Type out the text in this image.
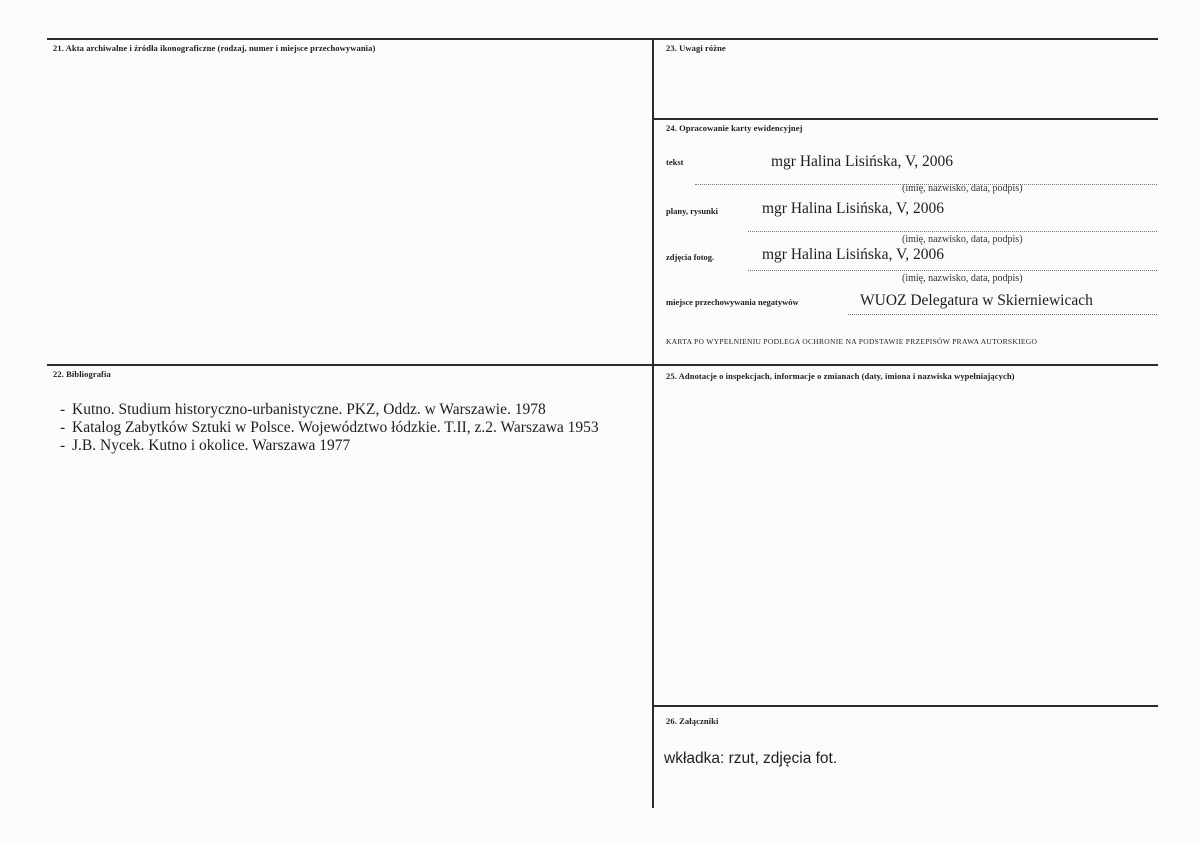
21. Akta archiwalne i źródła ikonograficzne (rodzaj, numer i miejsce przechowywania)	23. Uwagi różne
24. Opracowanie karty ewidencyjnej
tekst	mgr Halina Lisińska, V, 2006
(imię, nazwisko, data, podpis)
plany, rysunki	mgr Halina Lisińska, V, 2006
(imię, nazwisko, data, podpis)
zdjęcia fotog.	mgr Halina Lisińska, V, 2006
(imię, nazwisko, data, podpis)
miejsce przechowywania negatywów	WUOZ Delegatura w Skierniewicach
KARTA PO WYPEŁNIENIU PODLEGA OCHRONIE NA PODSTAWIE PRZEPISÓW PRAWA AUTORSKIEGO
22. Bibliografia
- Kutno. Studium historyczno-urbanistyczne. PKZ, Oddz. w Warszawie. 1978
- Katalog Zabytków Sztuki w Polsce. Województwo łódzkie. T.II, z.2. Warszawa 1953
- J.B. Nycek. Kutno i okolice. Warszawa 1977
25. Adnotacje o inspekcjach, informacje o zmianach (daty, imiona i nazwiska wypełniających)
26. Załączniki
wkładka: rzut, zdjęcia fot.
